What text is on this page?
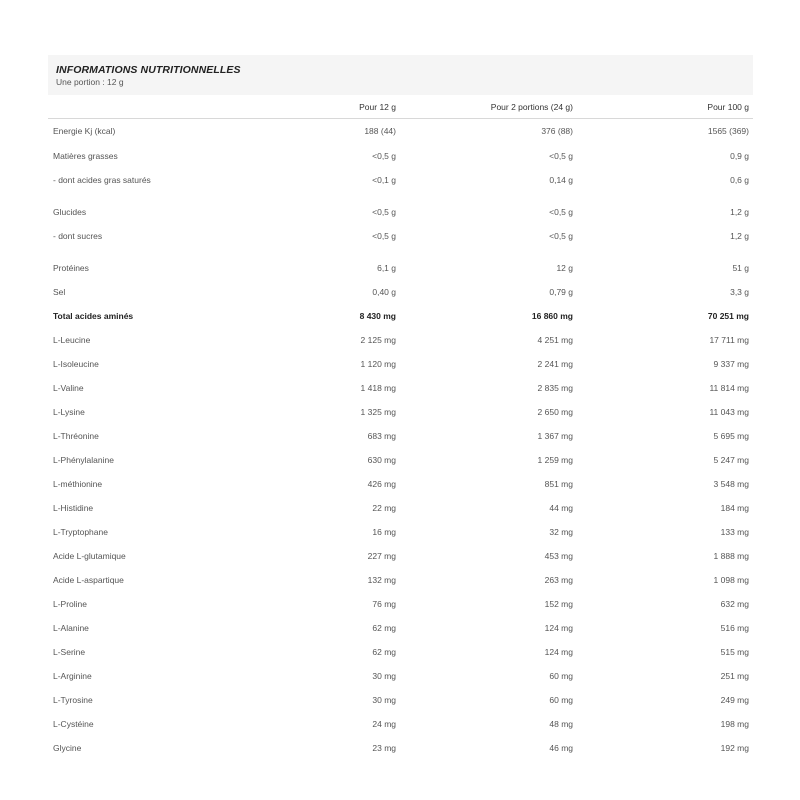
INFORMATIONS NUTRITIONNELLES
Une portion : 12 g
	Pour 12 g	Pour 2 portions (24 g)	Pour 100 g
Energie Kj (kcal)	188 (44)	376 (88)	1565 (369)
Matières grasses	<0,5 g	<0,5 g	0,9 g
- dont acides gras saturés	<0,1 g	0,14 g	0,6 g

Glucides	<0,5 g	<0,5 g	1,2 g
- dont sucres	<0,5 g	<0,5 g	1,2 g

Protéines	6,1 g	12 g	51 g
Sel	0,40 g	0,79 g	3,3 g
Total acides aminés	8 430 mg	16 860 mg	70 251 mg
L-Leucine	2 125 mg	4 251 mg	17 711 mg
L-Isoleucine	1 120 mg	2 241 mg	9 337 mg
L-Valine	1 418 mg	2 835 mg	11 814 mg
L-Lysine	1 325 mg	2 650 mg	11 043 mg
L-Thréonine	683 mg	1 367 mg	5 695 mg
L-Phénylalanine	630 mg	1 259 mg	5 247 mg
L-méthionine	426 mg	851 mg	3 548 mg
L-Histidine	22 mg	44 mg	184 mg
L-Tryptophane	16 mg	32 mg	133 mg
Acide L-glutamique	227 mg	453 mg	1 888 mg
Acide L-aspartique	132 mg	263 mg	1 098 mg
L-Proline	76 mg	152 mg	632 mg
L-Alanine	62 mg	124 mg	516 mg
L-Serine	62 mg	124 mg	515 mg
L-Arginine	30 mg	60 mg	251 mg
L-Tyrosine	30 mg	60 mg	249 mg
L-Cystéine	24 mg	48 mg	198 mg
Glycine	23 mg	46 mg	192 mg
